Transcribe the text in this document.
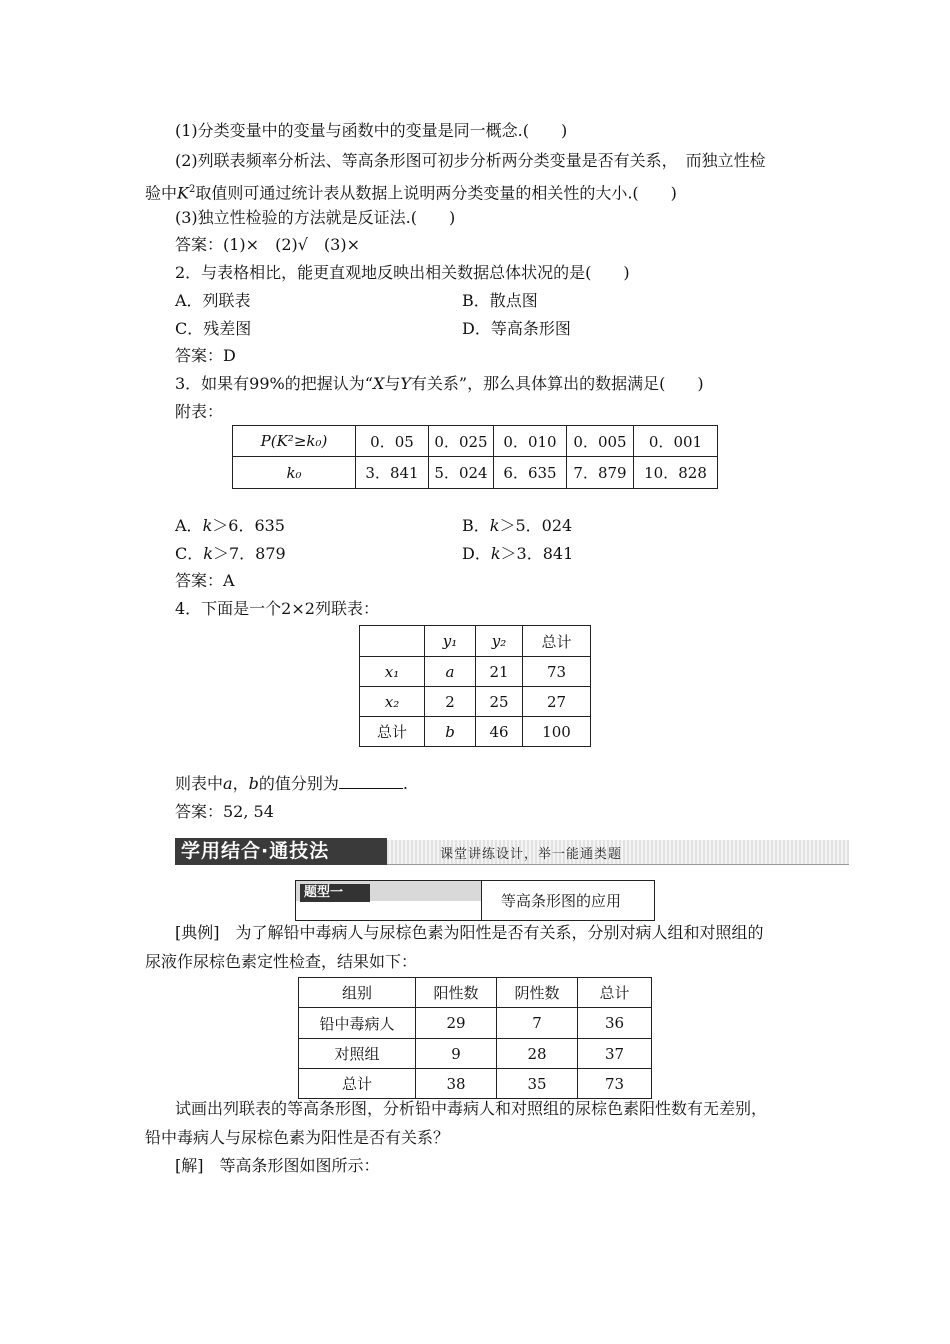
(1)分类变量中的变量与函数中的变量是同一概念.(　　)
(2)列联表频率分析法、等高条形图可初步分析两分类变量是否有关系，　而独立性检
验中$K^2$取值则可通过统计表从数据上说明两分类变量的相关性的大小.(　　)
(3)独立性检验的方法就是反证法.(　　)
答案：(1)×　(2)√　(3)×
2．与表格相比，能更直观地反映出相关数据总体状况的是(　　)
A．列联表	B．散点图
C．残差图	D．等高条形图
答案：D
3．如果有99%的把握认为“X与Y有关系”，那么具体算出的数据满足(　　)
附表：
P(K²≥k₀)	0．05	0．025	0．010	0．005	0．001
k₀	3．841	5．024	6．635	7．879	10．828
A．k＞6．635	B．k＞5．024
C．k＞7．879	D．k＞3．841
答案：A
4．下面是一个2×2列联表：
	y₁	y₂	总计
x₁	a	21	73
x₂	2	25	27
总计	b	46	100
则表中a，b的值分别为	.
答案：52, 54
学用结合·通技法	课堂讲练设计，举一能通类题
题型一	等高条形图的应用
[典例]　为了解铅中毒病人与尿棕色素为阳性是否有关系，分别对病人组和对照组的
尿液作尿棕色素定性检查，结果如下：
组别	阳性数	阴性数	总计
铅中毒病人	29	7	36
对照组	9	28	37
总计	38	35	73
试画出列联表的等高条形图，分析铅中毒病人和对照组的尿棕色素阳性数有无差别，
铅中毒病人与尿棕色素为阳性是否有关系？
[解]　等高条形图如图所示：
